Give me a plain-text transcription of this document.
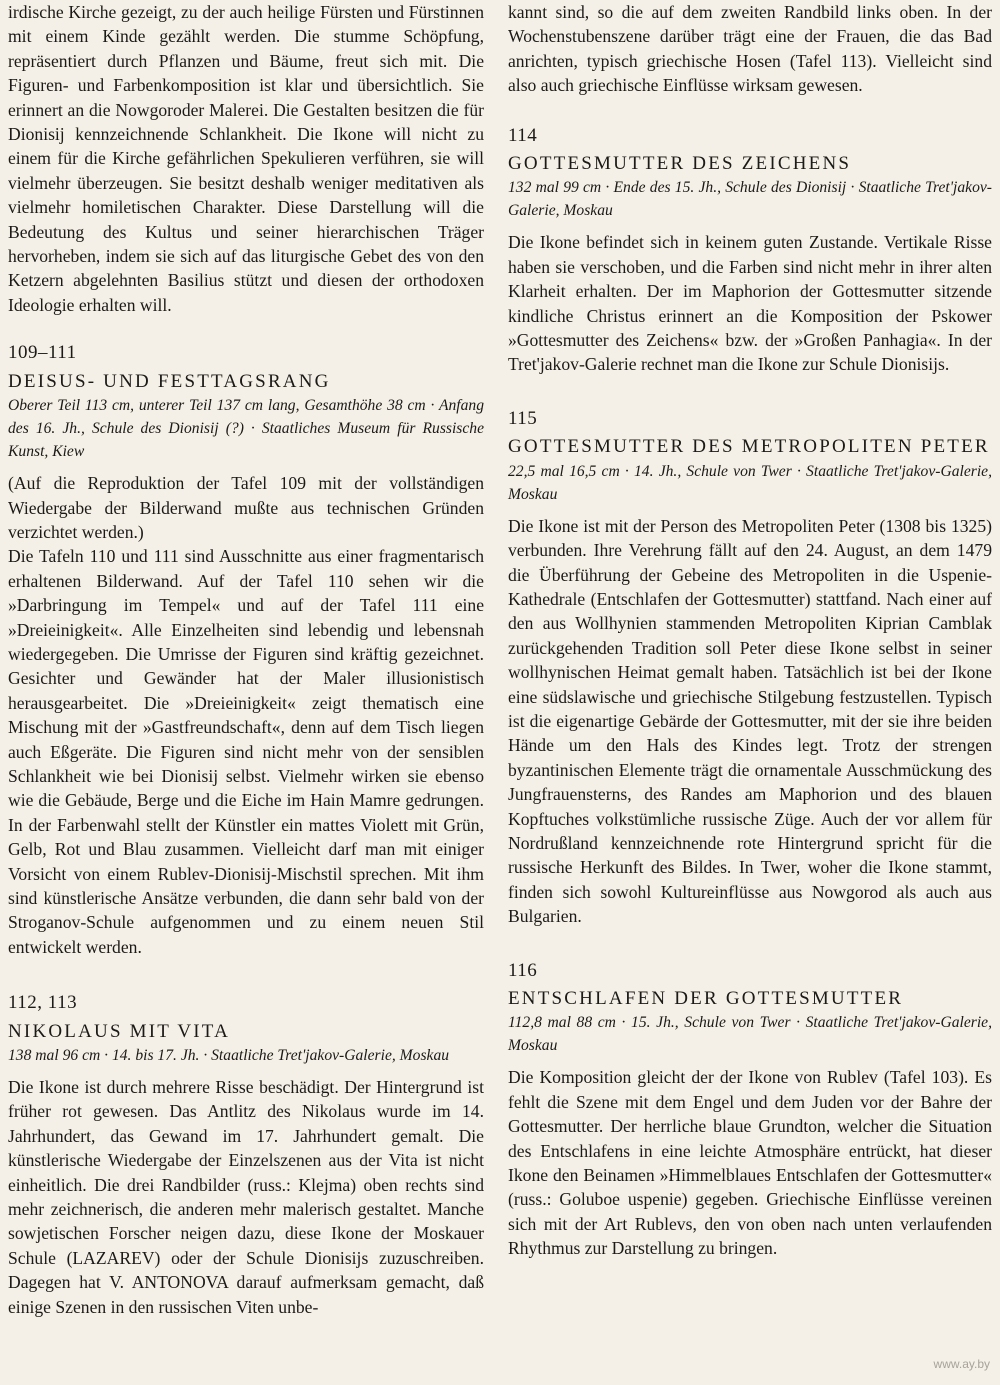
irdische Kirche gezeigt, zu der auch heilige Fürsten und Fürstinnen mit einem Kinde gezählt werden. Die stumme Schöpfung, repräsentiert durch Pflanzen und Bäume, freut sich mit. Die Figuren- und Farbenkomposition ist klar und übersichtlich. Sie erinnert an die Nowgoroder Malerei. Die Gestalten besitzen die für Dionisij kennzeichnende Schlankheit. Die Ikone will nicht zu einem für die Kirche gefährlichen Spekulieren verführen, sie will vielmehr überzeugen. Sie besitzt deshalb weniger meditativen als vielmehr homiletischen Charakter. Diese Darstellung will die Bedeutung des Kultus und seiner hierarchischen Träger hervorheben, indem sie sich auf das liturgische Gebet des von den Ketzern abgelehnten Basilius stützt und diesen der orthodoxen Ideologie erhalten will.

109–111

DEISUS- UND FESTTAGSRANG

Oberer Teil 113 cm, unterer Teil 137 cm lang, Gesamthöhe 38 cm · Anfang des 16. Jh., Schule des Dionisij (?) · Staatliches Museum für Russische Kunst, Kiew

(Auf die Reproduktion der Tafel 109 mit der vollständigen Wiedergabe der Bilderwand mußte aus technischen Gründen verzichtet werden.)

Die Tafeln 110 und 111 sind Ausschnitte aus einer fragmentarisch erhaltenen Bilderwand. Auf der Tafel 110 sehen wir die »Darbringung im Tempel« und auf der Tafel 111 eine »Dreieinigkeit«. Alle Einzelheiten sind lebendig und lebensnah wiedergegeben. Die Umrisse der Figuren sind kräftig gezeichnet. Gesichter und Gewänder hat der Maler illusionistisch herausgearbeitet. Die »Dreieinigkeit« zeigt thematisch eine Mischung mit der »Gastfreundschaft«, denn auf dem Tisch liegen auch Eßgeräte. Die Figuren sind nicht mehr von der sensiblen Schlankheit wie bei Dionisij selbst. Vielmehr wirken sie ebenso wie die Gebäude, Berge und die Eiche im Hain Mamre gedrungen. In der Farbenwahl stellt der Künstler ein mattes Violett mit Grün, Gelb, Rot und Blau zusammen. Vielleicht darf man mit einiger Vorsicht von einem Rublev-Dionisij-Mischstil sprechen. Mit ihm sind künstlerische Ansätze verbunden, die dann sehr bald von der Stroganov-Schule aufgenommen und zu einem neuen Stil entwickelt werden.

112, 113

NIKOLAUS MIT VITA

138 mal 96 cm · 14. bis 17. Jh. · Staatliche Tret'jakov-Galerie, Moskau

Die Ikone ist durch mehrere Risse beschädigt. Der Hintergrund ist früher rot gewesen. Das Antlitz des Nikolaus wurde im 14. Jahrhundert, das Gewand im 17. Jahrhundert gemalt. Die künstlerische Wiedergabe der Einzelszenen aus der Vita ist nicht einheitlich. Die drei Randbilder (russ.: Klejma) oben rechts sind mehr zeichnerisch, die anderen mehr malerisch gestaltet. Manche sowjetischen Forscher neigen dazu, diese Ikone der Moskauer Schule (LAZAREV) oder der Schule Dionisijs zuzuschreiben. Dagegen hat V. ANTONOVA darauf aufmerksam gemacht, daß einige Szenen in den russischen Viten unbe-

kannt sind, so die auf dem zweiten Randbild links oben. In der Wochenstubenszene darüber trägt eine der Frauen, die das Bad anrichten, typisch griechische Hosen (Tafel 113). Vielleicht sind also auch griechische Einflüsse wirksam gewesen.

114

GOTTESMUTTER DES ZEICHENS

132 mal 99 cm · Ende des 15. Jh., Schule des Dionisij · Staatliche Tret'jakov-Galerie, Moskau

Die Ikone befindet sich in keinem guten Zustande. Vertikale Risse haben sie verschoben, und die Farben sind nicht mehr in ihrer alten Klarheit erhalten. Der im Maphorion der Gottesmutter sitzende kindliche Christus erinnert an die Komposition der Pskower »Gottesmutter des Zeichens« bzw. der »Großen Panhagia«. In der Tret'jakov-Galerie rechnet man die Ikone zur Schule Dionisijs.

115

GOTTESMUTTER DES METROPOLITEN PETER

22,5 mal 16,5 cm · 14. Jh., Schule von Twer · Staatliche Tret'jakov-Galerie, Moskau

Die Ikone ist mit der Person des Metropoliten Peter (1308 bis 1325) verbunden. Ihre Verehrung fällt auf den 24. August, an dem 1479 die Überführung der Gebeine des Metropoliten in die Uspenie-Kathedrale (Entschlafen der Gottesmutter) stattfand. Nach einer auf den aus Wollhynien stammenden Metropoliten Kiprian Camblak zurückgehenden Tradition soll Peter diese Ikone selbst in seiner wollhynischen Heimat gemalt haben. Tatsächlich ist bei der Ikone eine südslawische und griechische Stilgebung festzustellen. Typisch ist die eigenartige Gebärde der Gottesmutter, mit der sie ihre beiden Hände um den Hals des Kindes legt. Trotz der strengen byzantinischen Elemente trägt die ornamentale Ausschmückung des Jungfrauensterns, des Randes am Maphorion und des blauen Kopftuches volkstümliche russische Züge. Auch der vor allem für Nordrußland kennzeichnende rote Hintergrund spricht für die russische Herkunft des Bildes. In Twer, woher die Ikone stammt, finden sich sowohl Kultureinflüsse aus Nowgorod als auch aus Bulgarien.

116

ENTSCHLAFEN DER GOTTESMUTTER

112,8 mal 88 cm · 15. Jh., Schule von Twer · Staatliche Tret'jakov-Galerie, Moskau

Die Komposition gleicht der der Ikone von Rublev (Tafel 103). Es fehlt die Szene mit dem Engel und dem Juden vor der Bahre der Gottesmutter. Der herrliche blaue Grundton, welcher die Situation des Entschlafens in eine leichte Atmosphäre entrückt, hat dieser Ikone den Beinamen »Himmelblaues Entschlafen der Gottesmutter« (russ.: Goluboe uspenie) gegeben. Griechische Einflüsse vereinen sich mit der Art Rublevs, den von oben nach unten verlaufenden Rhythmus zur Darstellung zu bringen.

www.ay.by
